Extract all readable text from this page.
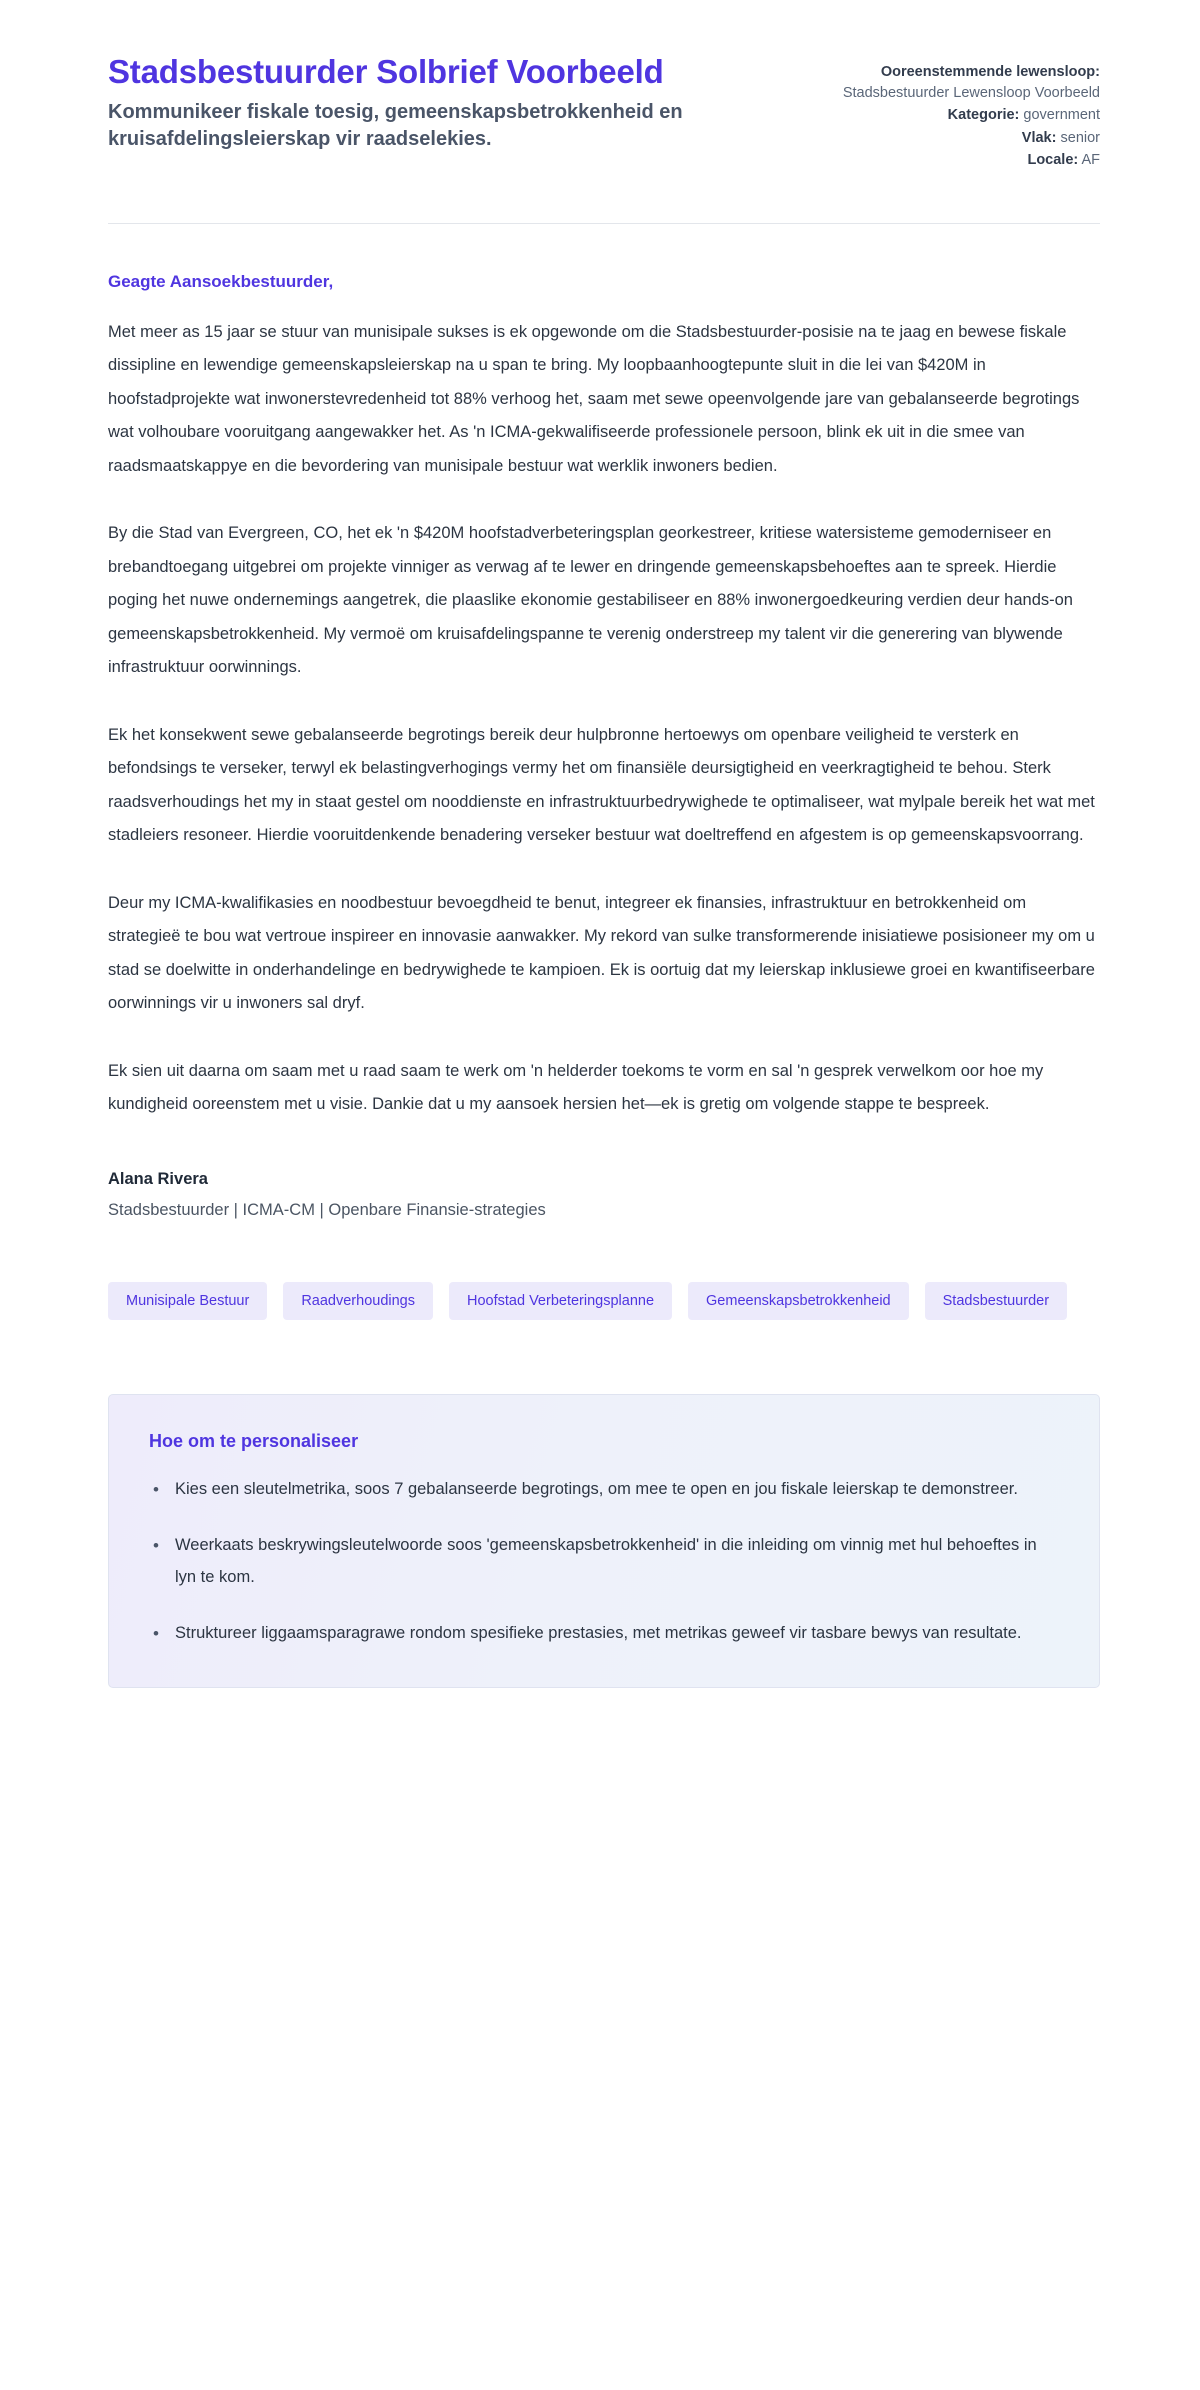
Stadsbestuurder Solbrief Voorbeeld

Kommunikeer fiskale toesig, gemeenskapsbetrokkenheid en kruisafdelingsleierskap vir raadselekies.

Ooreenstemmende lewensloop: Stadsbestuurder Lewensloop Voorbeeld
Kategorie: government
Vlak: senior
Locale: AF

Geagte Aansoekbestuurder,

Met meer as 15 jaar se stuur van munisipale sukses is ek opgewonde om die Stadsbestuurder-posisie na te jaag en bewese fiskale dissipline en lewendige gemeenskapsleierskap na u span te bring. My loopbaanhoogtepunte sluit in die lei van $420M in hoofstadprojekte wat inwonerstevredenheid tot 88% verhoog het, saam met sewe opeenvolgende jare van gebalanseerde begrotings wat volhoubare vooruitgang aangewakker het. As 'n ICMA-gekwalifiseerde professionele persoon, blink ek uit in die smee van raadsmaatskappye en die bevordering van munisipale bestuur wat werklik inwoners bedien.

By die Stad van Evergreen, CO, het ek 'n $420M hoofstadverbeteringsplan georkestreer, kritiese watersisteme gemoderniseer en brebandtoegang uitgebrei om projekte vinniger as verwag af te lewer en dringende gemeenskapsbehoeftes aan te spreek. Hierdie poging het nuwe ondernemings aangetrek, die plaaslike ekonomie gestabiliseer en 88% inwonergoedkeuring verdien deur hands-on gemeenskapsbetrokkenheid. My vermoë om kruisafdelingspanne te verenig onderstreep my talent vir die generering van blywende infrastruktuur oorwinnings.

Ek het konsekwent sewe gebalanseerde begrotings bereik deur hulpbronne hertoewys om openbare veiligheid te versterk en befondsings te verseker, terwyl ek belastingverhogings vermy het om finansiële deursigtigheid en veerkragtigheid te behou. Sterk raadsverhoudings het my in staat gestel om nooddienste en infrastruktuurbedrywighede te optimaliseer, wat mylpale bereik het wat met stadleiers resoneer. Hierdie vooruitdenkende benadering verseker bestuur wat doeltreffend en afgestem is op gemeenskapsvoorrang.

Deur my ICMA-kwalifikasies en noodbestuur bevoegdheid te benut, integreer ek finansies, infrastruktuur en betrokkenheid om strategieë te bou wat vertroue inspireer en innovasie aanwakker. My rekord van sulke transformerende inisiatiewe posisioneer my om u stad se doelwitte in onderhandelinge en bedrywighede te kampioen. Ek is oortuig dat my leierskap inklusiewe groei en kwantifiseerbare oorwinnings vir u inwoners sal dryf.

Ek sien uit daarna om saam met u raad saam te werk om 'n helderder toekoms te vorm en sal 'n gesprek verwelkom oor hoe my kundigheid ooreenstem met u visie. Dankie dat u my aansoek hersien het—ek is gretig om volgende stappe te bespreek.

Alana Rivera

Stadsbestuurder | ICMA-CM | Openbare Finansie-strategies

Munisipale Bestuur	Raadverhoudings	Hoofstad Verbeteringsplanne	Gemeenskapsbetrokkenheid	Stadsbestuurder
Hoe om te personaliseer
• Kies een sleutelmetrika, soos 7 gebalanseerde begrotings, om mee te open en jou fiskale leierskap te demonstreer.
• Weerkaats beskrywingsleutelwoorde soos 'gemeenskapsbetrokkenheid' in die inleiding om vinnig met hul behoeftes in lyn te kom.
• Struktureer liggaamsparagrawe rondom spesifieke prestasies, met metrikas geweef vir tasbare bewys van resultate.
